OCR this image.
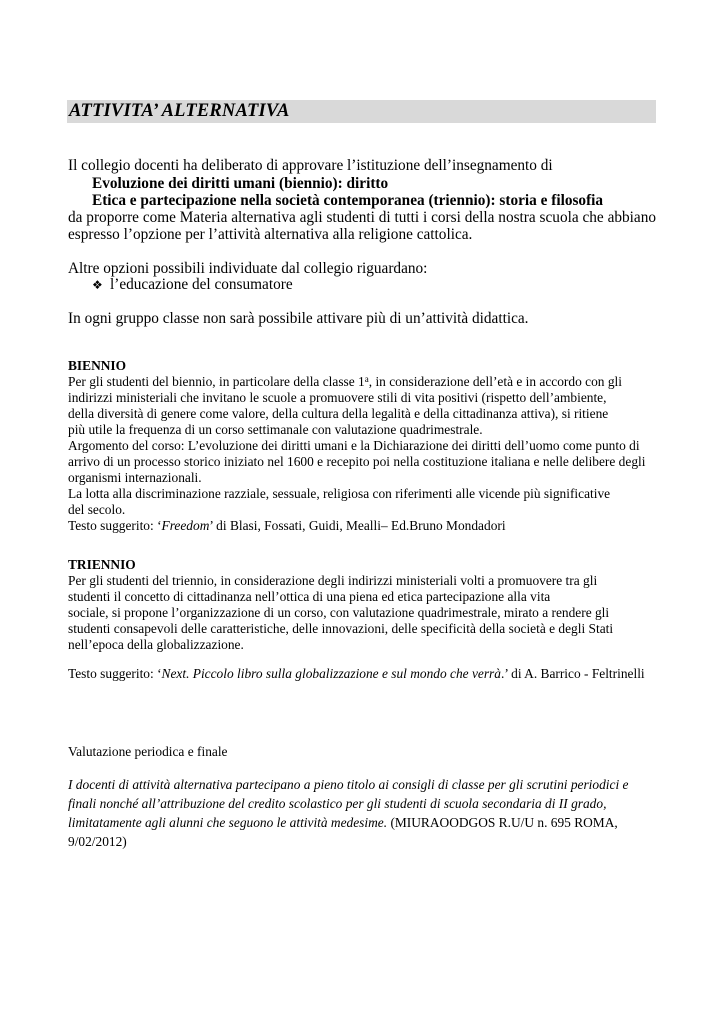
ATTIVITA’ ALTERNATIVA
Il collegio docenti ha deliberato di approvare l’istituzione dell’insegnamento di
Evoluzione dei diritti umani (biennio): diritto
Etica e partecipazione nella società contemporanea (triennio): storia e filosofia
da proporre come Materia alternativa agli studenti di tutti i corsi della nostra scuola che abbiano
espresso l’opzione per l’attività alternativa alla religione cattolica.
Altre opzioni possibili individuate dal collegio riguardano:
❖ l’educazione del consumatore
In ogni gruppo classe non sarà possibile attivare più di un’attività didattica.
BIENNIO
Per gli studenti del biennio, in particolare della classe 1$^a$, in considerazione dell’età e in accordo con gli
indirizzi ministeriali che invitano le scuole a promuovere stili di vita positivi (rispetto dell’ambiente,
della diversità di genere come valore, della cultura della legalità e della cittadinanza attiva), si ritiene
più utile la frequenza di un corso settimanale con valutazione quadrimestrale.
Argomento del corso: L’evoluzione dei diritti umani e la Dichiarazione dei diritti dell’uomo come punto di
arrivo di un processo storico iniziato nel 1600 e recepito poi nella costituzione italiana e nelle delibere degli
organismi internazionali.
La lotta alla discriminazione razziale, sessuale, religiosa con riferimenti alle vicende più significative
del secolo.
Testo suggerito: ‘Freedom’ di Blasi, Fossati, Guidi, Mealli– Ed.Bruno Mondadori
TRIENNIO
Per gli studenti del triennio, in considerazione degli indirizzi ministeriali volti a promuovere tra gli
studenti il concetto di cittadinanza nell’ottica di una piena ed etica partecipazione alla vita
sociale, si propone l’organizzazione di un corso, con valutazione quadrimestrale, mirato a rendere gli
studenti consapevoli delle caratteristiche, delle innovazioni, delle specificità della società e degli Stati
nell’epoca della globalizzazione.
Testo suggerito: ‘Next. Piccolo libro sulla globalizzazione e sul mondo che verrà.’ di A. Barrico - Feltrinelli
Valutazione periodica e finale
I docenti di attività alternativa partecipano a pieno titolo ai consigli di classe per gli scrutini periodici e
finali nonché all’attribuzione del credito scolastico per gli studenti di scuola secondaria di II grado,
limitatamente agli alunni che seguono le attività medesime. (MIURAOODGOS R.U/U n. 695 ROMA,
9/02/2012)
